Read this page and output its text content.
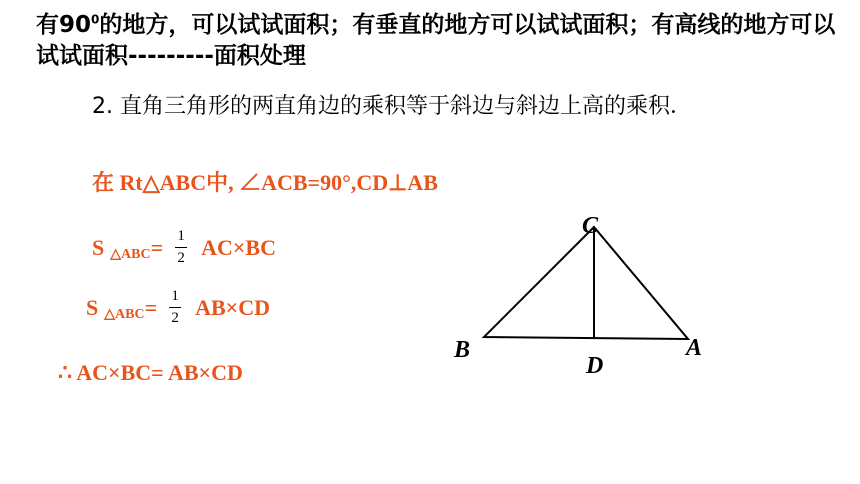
有$90^0$的地方，可以试试面积；有垂直的地方可以试试面积；有高线的地方可以试试面积---------面积处理
2. 直角三角形的两直角边的乘积等于斜边与斜边上高的乘积．
在 Rt△ABC中, ∠ACB=90°,CD⊥AB
S △ABC = $\frac{1}{2} AC\times BC$
S △ABC = $\frac{1}{2} AB\times CD$
∴ AC×BC= AB×CD
C
B	A
D
